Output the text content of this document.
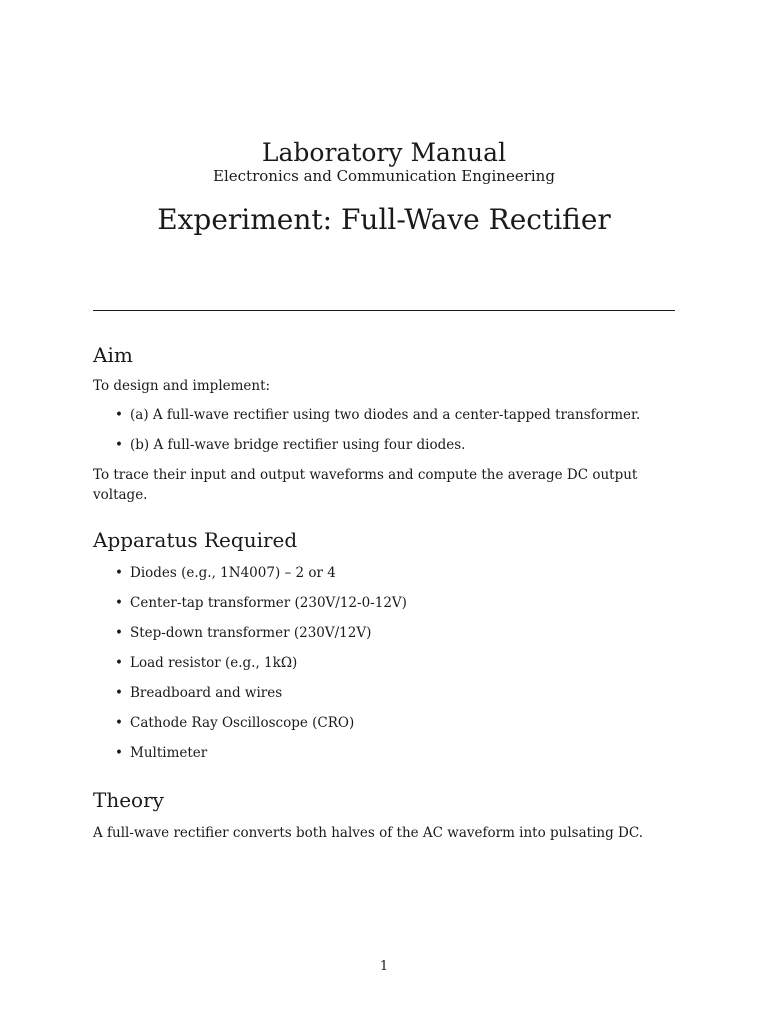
Laboratory Manual
Electronics and Communication Engineering
Experiment: Full-Wave Rectifier
Aim

To design and implement:

• (a) A full-wave rectifier using two diodes and a center-tapped transformer.
• (b) A full-wave bridge rectifier using four diodes.

To trace their input and output waveforms and compute the average DC output voltage.

Apparatus Required
• Diodes (e.g., 1N4007) – 2 or 4
• Center-tap transformer (230V/12-0-12V)
• Step-down transformer (230V/12V)
• Load resistor (e.g., 1kΩ)
• Breadboard and wires
• Cathode Ray Oscilloscope (CRO)
• Multimeter
Theory

A full-wave rectifier converts both halves of the AC waveform into pulsating DC.

1
